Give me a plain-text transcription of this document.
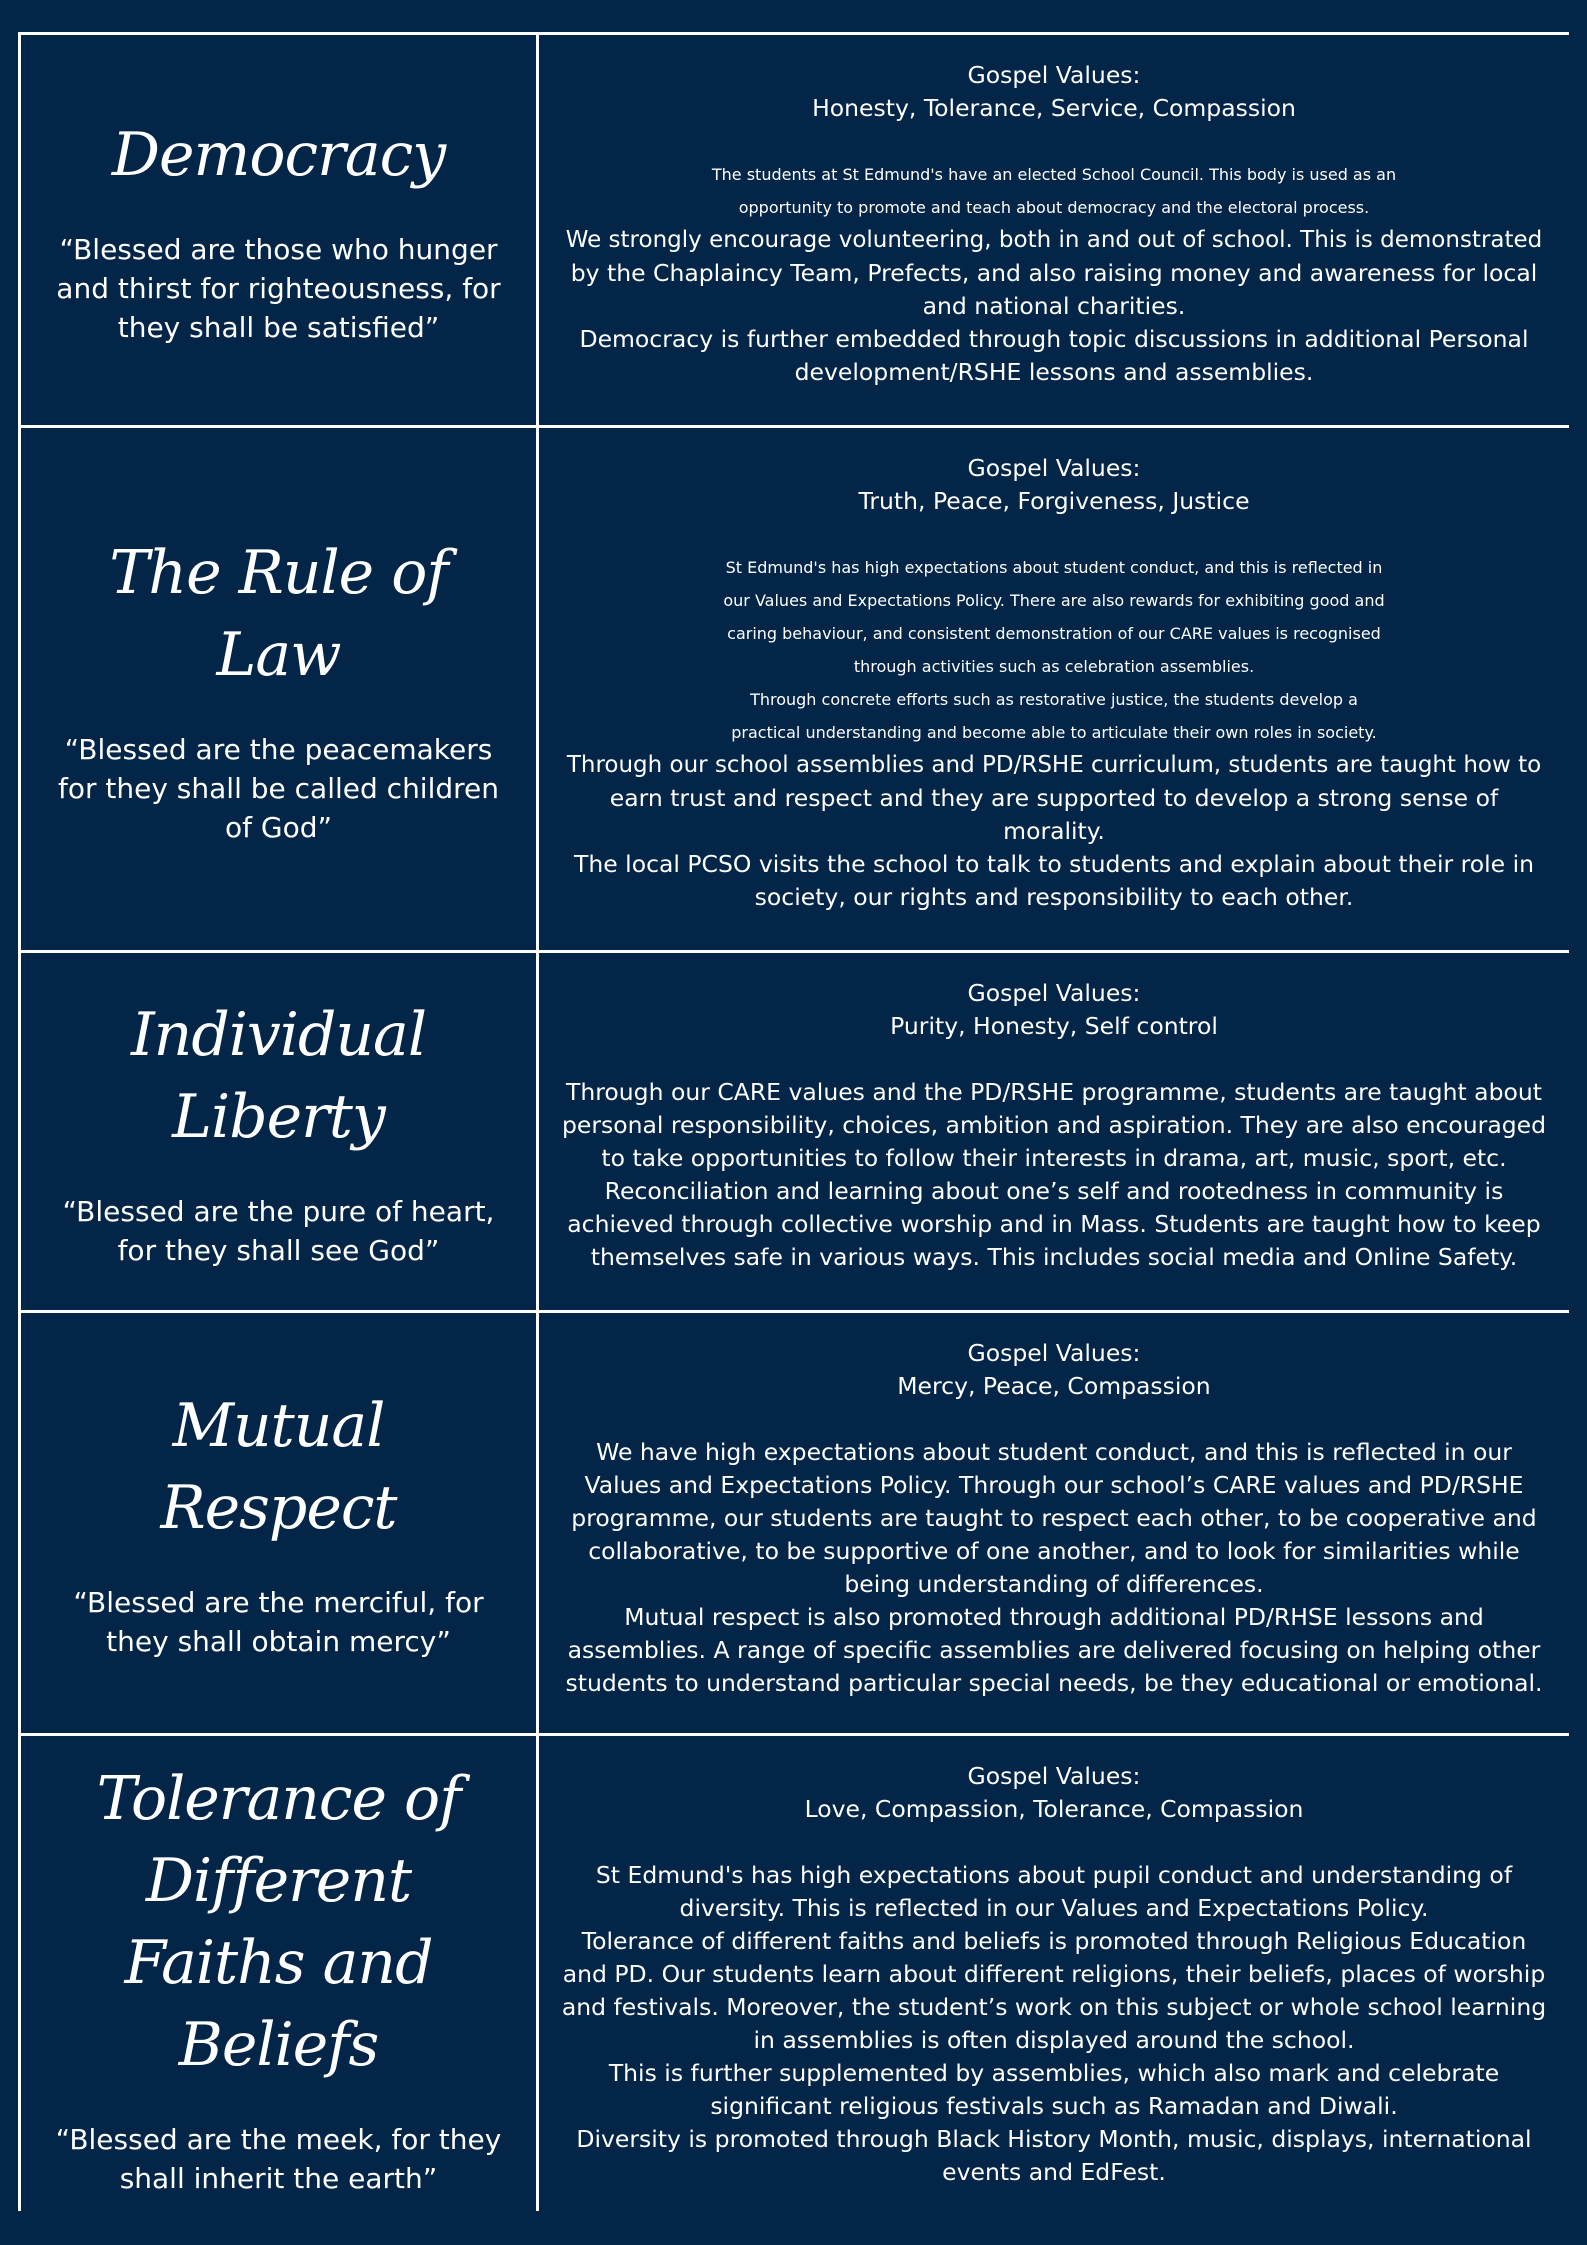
Democracy
“Blessed are those who hunger and thirst for righteousness, for they shall be satisfied”
Gospel Values:
Honesty, Tolerance, Service, Compassion
The students at St Edmund's have an elected School Council. This body is used as an
opportunity to promote and teach about democracy and the electoral process.
We strongly encourage volunteering, both in and out of school. This is demonstrated
by the Chaplaincy Team, Prefects, and also raising money and awareness for local
and national charities.
Democracy is further embedded through topic discussions in additional Personal
development/RSHE lessons and assemblies.
The Rule of Law
“Blessed are the peacemakers for they shall be called children of God”
Gospel Values:
Truth, Peace, Forgiveness, Justice
St Edmund's has high expectations about student conduct, and this is reflected in
our Values and Expectations Policy. There are also rewards for exhibiting good and
caring behaviour, and consistent demonstration of our CARE values is recognised
through activities such as celebration assemblies.
Through concrete efforts such as restorative justice, the students develop a
practical understanding and become able to articulate their own roles in society.
Through our school assemblies and PD/RSHE curriculum, students are taught how to
earn trust and respect and they are supported to develop a strong sense of
morality.
The local PCSO visits the school to talk to students and explain about their role in
society, our rights and responsibility to each other.
Individual Liberty
“Blessed are the pure of heart, for they shall see God”
Gospel Values:
Purity, Honesty, Self control
Through our CARE values and the PD/RSHE programme, students are taught about
personal responsibility, choices, ambition and aspiration. They are also encouraged
to take opportunities to follow their interests in drama, art, music, sport, etc.
Reconciliation and learning about one’s self and rootedness in community is
achieved through collective worship and in Mass. Students are taught how to keep
themselves safe in various ways. This includes social media and Online Safety.
Mutual Respect
“Blessed are the merciful, for they shall obtain mercy”
Gospel Values:
Mercy, Peace, Compassion
We have high expectations about student conduct, and this is reflected in our
Values and Expectations Policy. Through our school’s CARE values and PD/RSHE
programme, our students are taught to respect each other, to be cooperative and
collaborative, to be supportive of one another, and to look for similarities while
being understanding of differences.
Mutual respect is also promoted through additional PD/RHSE lessons and
assemblies. A range of specific assemblies are delivered focusing on helping other
students to understand particular special needs, be they educational or emotional.
Tolerance of Different Faiths and Beliefs
“Blessed are the meek, for they shall inherit the earth”
Gospel Values:
Love, Compassion, Tolerance, Compassion
St Edmund's has high expectations about pupil conduct and understanding of
diversity. This is reflected in our Values and Expectations Policy.
Tolerance of different faiths and beliefs is promoted through Religious Education
and PD. Our students learn about different religions, their beliefs, places of worship
and festivals. Moreover, the student’s work on this subject or whole school learning
in assemblies is often displayed around the school.
This is further supplemented by assemblies, which also mark and celebrate
significant religious festivals such as Ramadan and Diwali.
Diversity is promoted through Black History Month, music, displays, international
events and EdFest.
